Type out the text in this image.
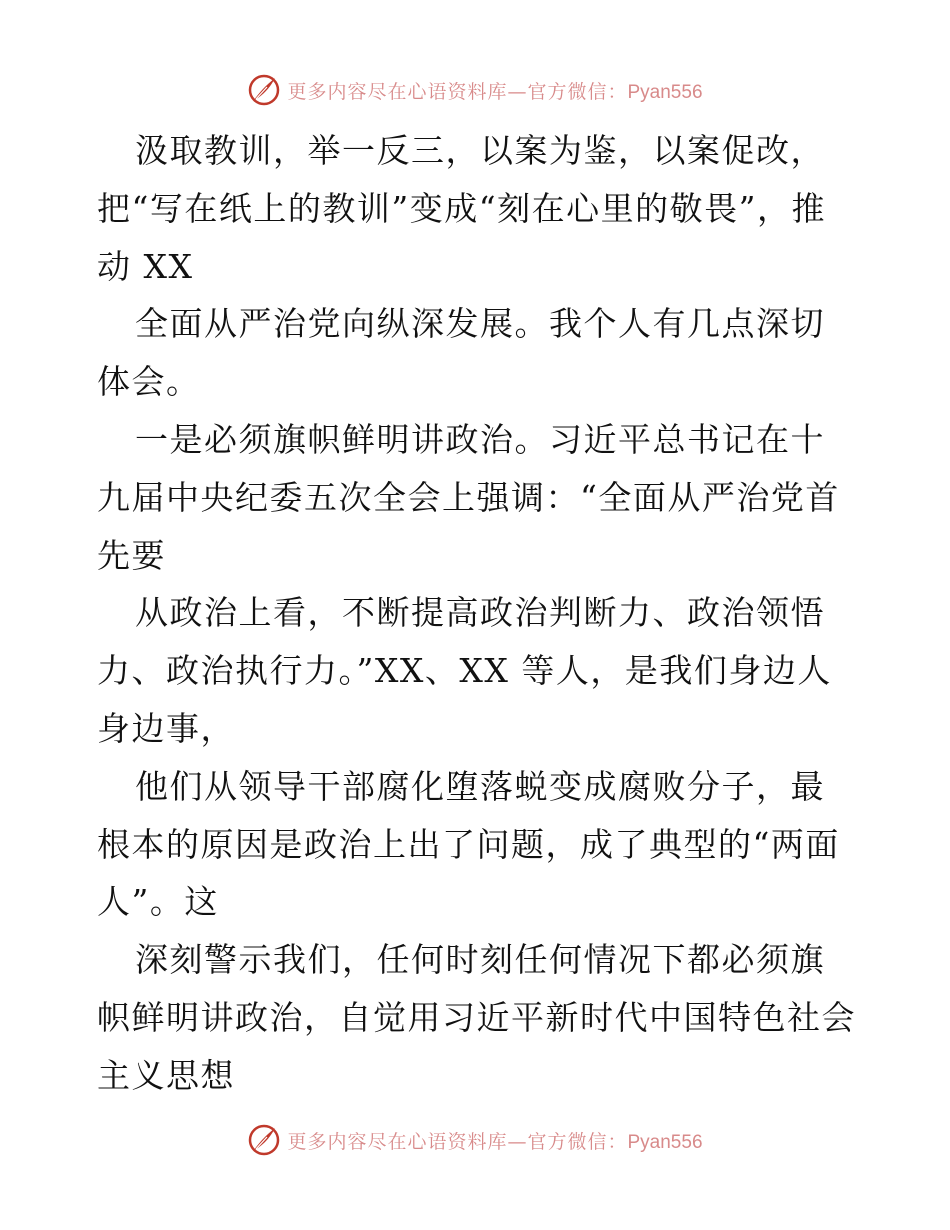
更多内容尽在心语资料库—官方微信：Pyan556

汲取教训，举一反三，以案为鉴，以案促改，把“写在纸上的教训”变成“刻在心里的敬畏”，推动 XX

全面从严治党向纵深发展。我个人有几点深切体会。

一是必须旗帜鲜明讲政治。习近平总书记在十九届中央纪委五次全会上强调：“全面从严治党首先要

从政治上看，不断提高政治判断力、政治领悟力、政治执行力。”XX、XX 等人，是我们身边人身边事，

他们从领导干部腐化堕落蜕变成腐败分子，最根本的原因是政治上出了问题，成了典型的“两面人”。这

深刻警示我们，任何时刻任何情况下都必须旗帜鲜明讲政治，自觉用习近平新时代中国特色社会主义思想

更多内容尽在心语资料库—官方微信：Pyan556
